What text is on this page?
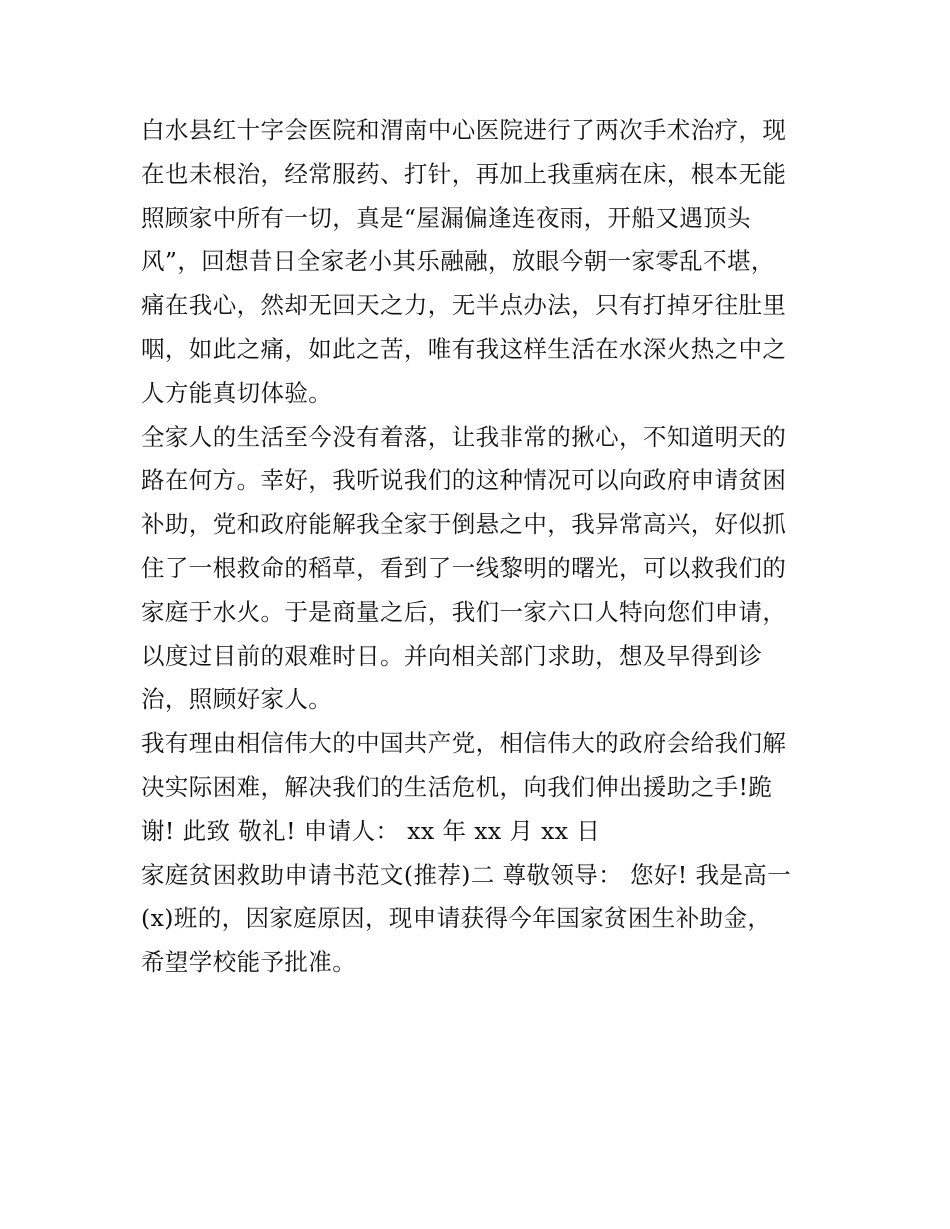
白水县红十字会医院和渭南中心医院进行了两次手术治疗，现
在也未根治，经常服药、打针，再加上我重病在床，根本无能
照顾家中所有一切，真是“屋漏偏逢连夜雨，开船又遇顶头
风”，回想昔日全家老小其乐融融，放眼今朝一家零乱不堪，
痛在我心，然却无回天之力，无半点办法，只有打掉牙往肚里
咽，如此之痛，如此之苦，唯有我这样生活在水深火热之中之
人方能真切体验。
全家人的生活至今没有着落，让我非常的揪心，不知道明天的
路在何方。幸好，我听说我们的这种情况可以向政府申请贫困
补助，党和政府能解我全家于倒悬之中，我异常高兴，好似抓
住了一根救命的稻草，看到了一线黎明的曙光，可以救我们的
家庭于水火。于是商量之后，我们一家六口人特向您们申请，
以度过目前的艰难时日。并向相关部门求助，想及早得到诊
治，照顾好家人。
我有理由相信伟大的中国共产党，相信伟大的政府会给我们解
决实际困难，解决我们的生活危机，向我们伸出援助之手!跪
谢! 此致 敬礼! 申请人： xx 年 xx 月 xx 日
家庭贫困救助申请书范文(推荐)二 尊敬领导： 您好! 我是高一
(x)班的，因家庭原因，现申请获得今年国家贫困生补助金，
希望学校能予批准。
